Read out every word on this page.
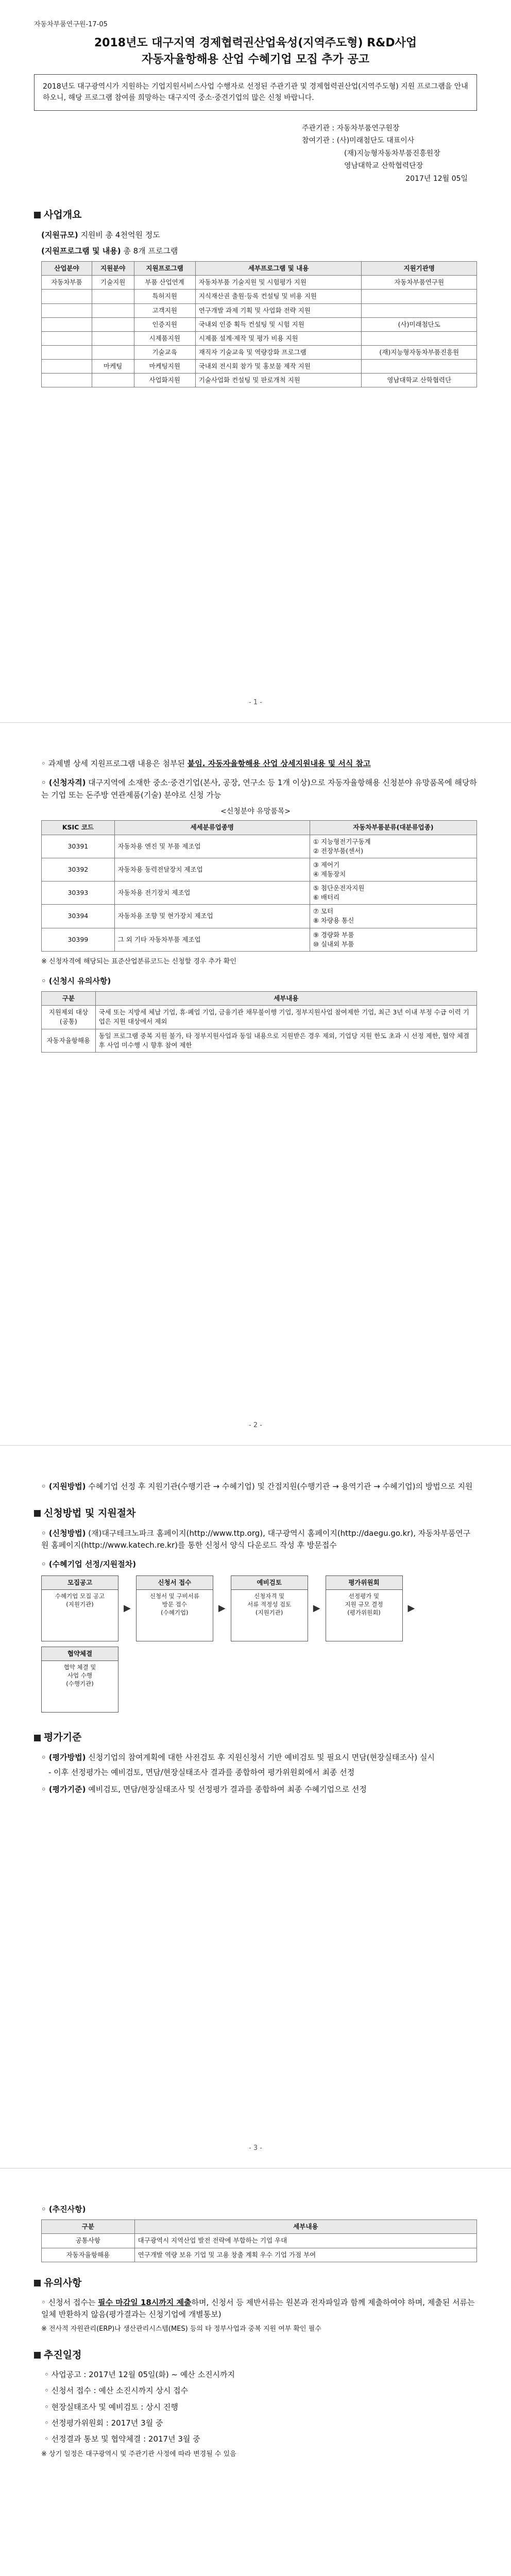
자동차부품연구원-17-05
2018년도 대구지역 경제협력권산업육성(지역주도형) R&D사업
자동자율항해용 산업 수혜기업 모집 추가 공고
2018년도 대구광역시가 지원하는 기업지원서비스사업 수행자로 선정된 주관기관 및 경제협력권산업(지역주도형) 지원 프로그램을 안내하오니, 해당 프로그램 참여를 희망하는 대구지역 중소·중견기업의 많은 신청 바랍니다.
주관기관 : 자동차부품연구원장
참여기관 : (사)미래첨단도 대표이사
(재)지능형자동차부품진흥원장
영남대학교 산학협력단장
2017년 12월 05일
사업개요
(지원규모) 지원비 총 4천억원 정도
(지원프로그램 및 내용) 총 8개 프로그램
산업분야	지원분야	지원프로그램	세부프로그램 및 내용	지원기관명
자동차부품	기술지원	부품 산업연계	자동차부품 기술지원 및 시험평가 지원	자동차부품연구원
		특허지원	지식재산권 출원·등록 컨설팅 및 비용 지원	
		고객지원	연구개발 과제 기획 및 사업화 전략 지원	
		인증지원	국내외 인증 획득 컨설팅 및 시험 지원	(사)미래첨단도
		시제품지원	시제품 설계·제작 및 평가 비용 지원	
		기술교육	재직자 기술교육 및 역량강화 프로그램	(재)지능형자동차부품진흥원
	마케팅	마케팅지원	국내외 전시회 참가 및 홍보물 제작 지원	
		사업화지원	기술사업화 컨설팅 및 판로개척 지원	영남대학교 산학협력단
- 1 -
◦ 과제별 상세 지원프로그램 내용은 첨부된 붙임. 자동자율항해용 산업 상세지원내용 및 서식 참고
◦ (신청자격) 대구지역에 소재한 중소·중견기업(본사, 공장, 연구소 등 1개 이상)으로 자동자율항해용 신청분야 유망품목에 해당하는 기업 또는 돈주방 연관제품(기술) 분야로 신청 가능
<신청분야 유망품목>
KSIC 코드	세세분류업종명	자동차부품분류(대분류업종)
30391	자동차용 엔진 및 부품 제조업	① 지능형전기구동계
② 전장부품(센서)
30392	자동차용 동력전달장치 제조업	③ 제어기
④ 제동장치
30393	자동차용 전기장치 제조업	⑤ 첨단운전자지원
⑥ 배터리
30394	자동차용 조향 및 현가장치 제조업	⑦ 모터
⑧ 차량용 통신
30399	그 외 기타 자동차부품 제조업	⑨ 경량화 부품
⑩ 실내외 부품
※ 신청자격에 해당되는 표준산업분류코드는 신청할 경우 추가 확인
◦ (신청시 유의사항)
구분	세부내용
지원제외 대상(공통)	국세 또는 지방세 체납 기업, 휴·폐업 기업, 금융기관 채무불이행 기업, 정부지원사업 참여제한 기업, 최근 3년 이내 부정 수급 이력 기업은 지원 대상에서 제외
자동자율항해용	동일 프로그램 중복 지원 불가, 타 정부지원사업과 동일 내용으로 지원받은 경우 제외, 기업당 지원 한도 초과 시 선정 제한, 협약 체결 후 사업 미수행 시 향후 참여 제한
- 2 -
◦ (지원방법) 수혜기업 선정 후 지원기관(수행기관 → 수혜기업) 및 간접지원(수행기관 → 용역기관 → 수혜기업)의 방법으로 지원
신청방법 및 지원절차
◦ (신청방법) (재)대구테크노파크 홈페이지(http://www.ttp.org), 대구광역시 홈페이지(http://daegu.go.kr), 자동차부품연구원 홈페이지(http://www.katech.re.kr)를 통한 신청서 양식 다운로드 작성 후 방문접수
◦ (수혜기업 선정/지원절차)
모집공고
수혜기업 모집 공고
(지원기관)	▶
신청서 접수
신청서 및 구비서류
방문 접수
(수혜기업)	▶
예비검토
신청자격 및
서류 적정성 검토
(지원기관)	▶
평가위원회
선정평가 및
지원 규모 결정
(평가위원회)	▶
협약체결
협약 체결 및
사업 수행
(수행기관)
평가기준
◦ (평가방법) 신청기업의 참여계획에 대한 사전검토 후 지원신청서 기반 예비검토 및 필요시 면담(현장실태조사) 실시
- 이후 선정평가는 예비검토, 면담/현장실태조사 결과를 종합하여 평가위원회에서 최종 선정
◦ (평가기준) 예비검토, 면담/현장실태조사 및 선정평가 결과를 종합하여 최종 수혜기업으로 선정
- 3 -
◦ (추진사항)
구분	세부내용
공통사항	대구광역시 지역산업 발전 전략에 부합하는 기업 우대
자동자율항해용	연구개발 역량 보유 기업 및 고용 창출 계획 우수 기업 가점 부여
유의사항
◦ 신청서 접수는 필수 마감일 18시까지 제출하며, 신청서 등 제반서류는 원본과 전자파일과 함께 제출하여야 하며, 제출된 서류는 일체 반환하지 않음(평가결과는 신청기업에 개별통보)
※ 전사적 자원관리(ERP)나 생산관리시스템(MES) 등의 타 정부사업과 중복 지원 여부 확인 필수
추진일정
◦ 사업공고 : 2017년 12월 05일(화) ~ 예산 소진시까지
◦ 신청서 접수 : 예산 소진시까지 상시 접수
◦ 현장실태조사 및 예비검토 : 상시 진행
◦ 선정평가위원회 : 2017년 3월 중
◦ 선정결과 통보 및 협약체결 : 2017년 3월 중
※ 상기 일정은 대구광역시 및 주관기관 사정에 따라 변경될 수 있음
